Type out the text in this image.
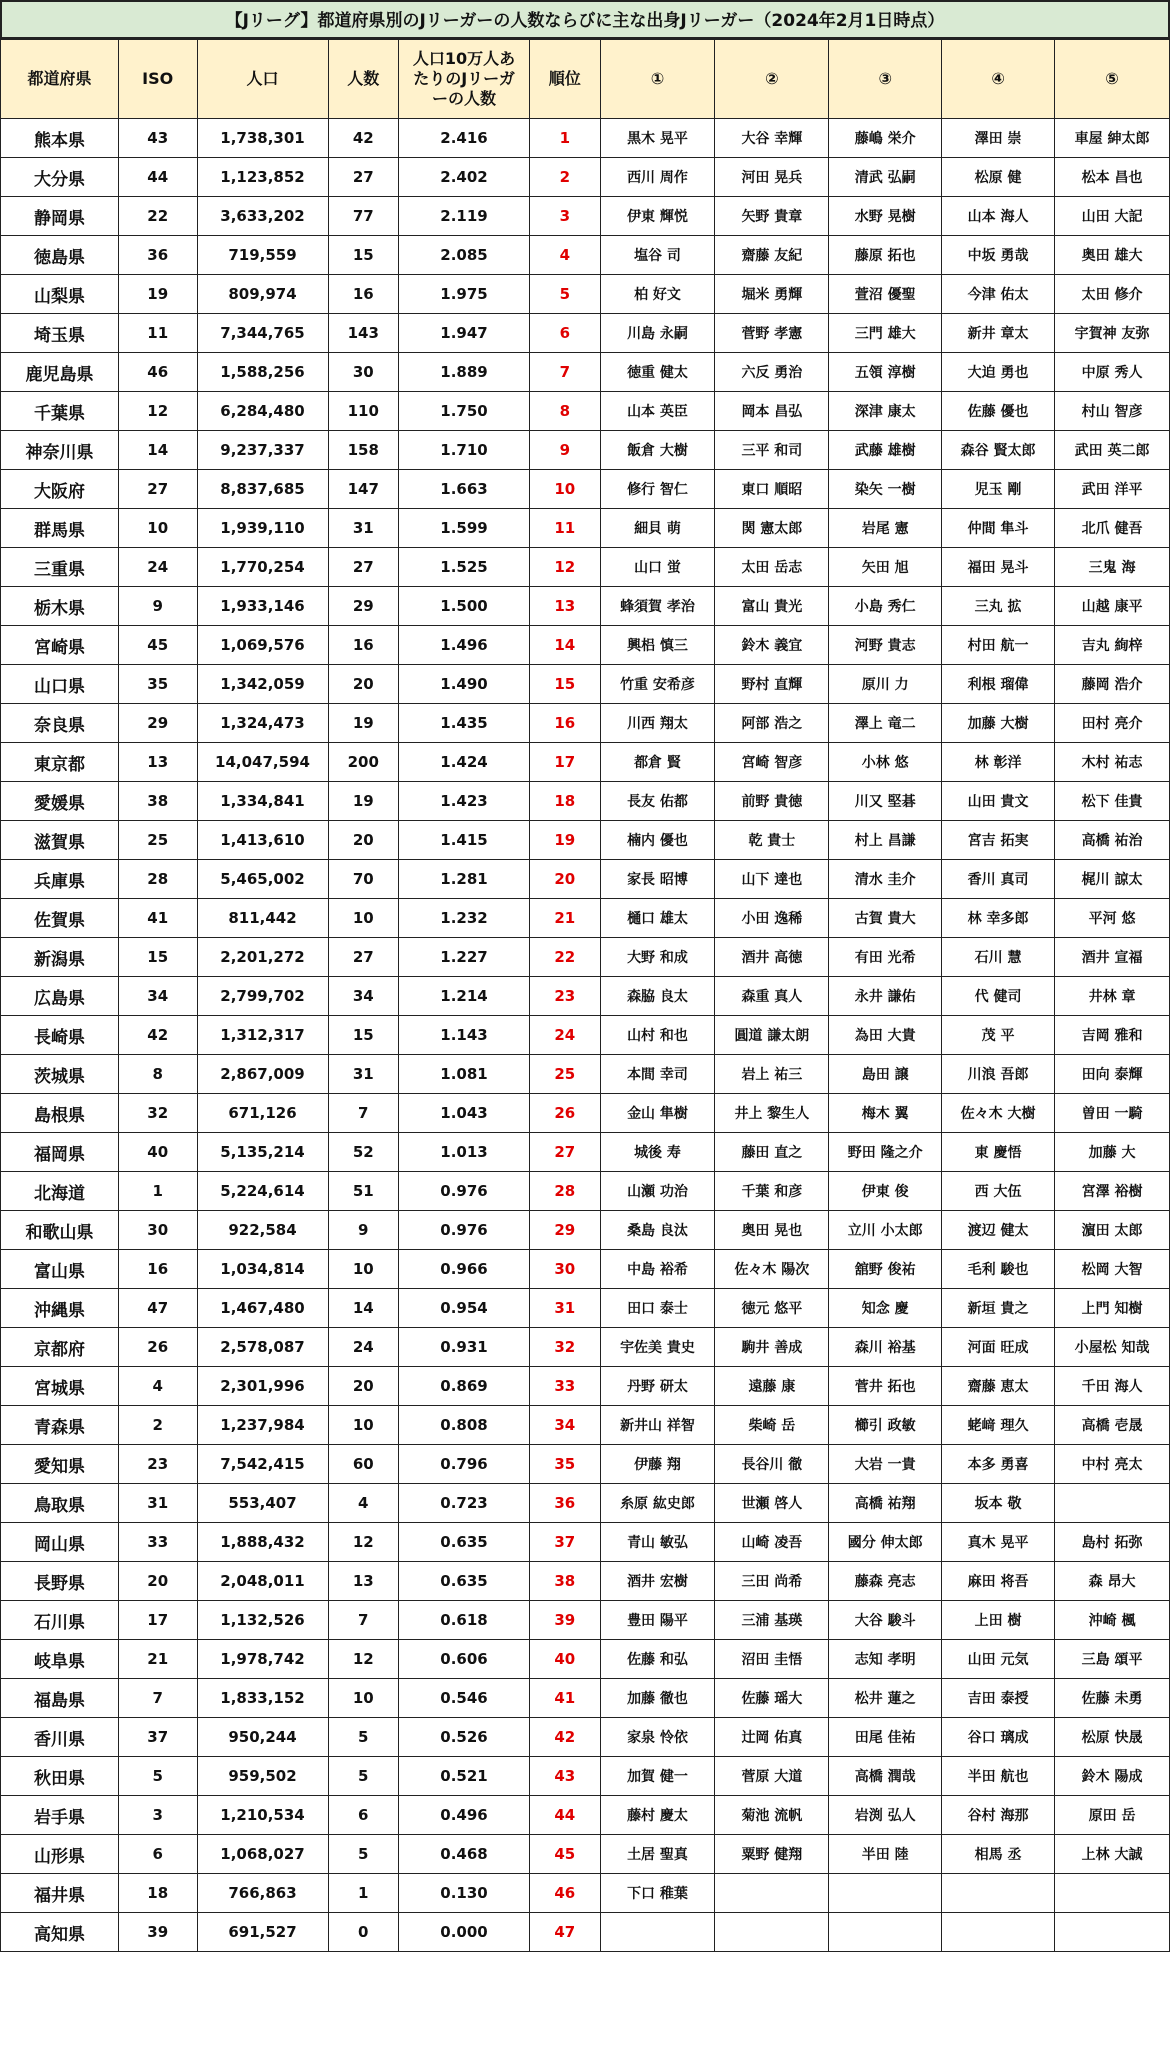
【Jリーグ】都道府県別のJリーガーの人数ならびに主な出身Jリーガー（2024年2月1日時点）
都道府県	ISO	人口	人数	人口10万人あたりのJリーガーの人数	順位	①	②	③	④	⑤
熊本県	43	1,738,301	42	2.416	1	黒木 晃平	大谷 幸輝	藤嶋 栄介	澤田 崇	車屋 紳太郎
大分県	44	1,123,852	27	2.402	2	西川 周作	河田 晃兵	清武 弘嗣	松原 健	松本 昌也
静岡県	22	3,633,202	77	2.119	3	伊東 輝悦	矢野 貴章	水野 晃樹	山本 海人	山田 大記
徳島県	36	719,559	15	2.085	4	塩谷 司	齋藤 友紀	藤原 拓也	中坂 勇哉	奥田 雄大
山梨県	19	809,974	16	1.975	5	柏 好文	堀米 勇輝	萱沼 優聖	今津 佑太	太田 修介
埼玉県	11	7,344,765	143	1.947	6	川島 永嗣	菅野 孝憲	三門 雄大	新井 章太	宇賀神 友弥
鹿児島県	46	1,588,256	30	1.889	7	徳重 健太	六反 勇治	五領 淳樹	大迫 勇也	中原 秀人
千葉県	12	6,284,480	110	1.750	8	山本 英臣	岡本 昌弘	深津 康太	佐藤 優也	村山 智彦
神奈川県	14	9,237,337	158	1.710	9	飯倉 大樹	三平 和司	武藤 雄樹	森谷 賢太郎	武田 英二郎
大阪府	27	8,837,685	147	1.663	10	修行 智仁	東口 順昭	染矢 一樹	児玉 剛	武田 洋平
群馬県	10	1,939,110	31	1.599	11	細貝 萌	関 憲太郎	岩尾 憲	仲間 隼斗	北爪 健吾
三重県	24	1,770,254	27	1.525	12	山口 蛍	太田 岳志	矢田 旭	福田 晃斗	三鬼 海
栃木県	9	1,933,146	29	1.500	13	蜂須賀 孝治	富山 貴光	小島 秀仁	三丸 拡	山越 康平
宮崎県	45	1,069,576	16	1.496	14	興梠 慎三	鈴木 義宜	河野 貴志	村田 航一	吉丸 絢梓
山口県	35	1,342,059	20	1.490	15	竹重 安希彦	野村 直輝	原川 力	利根 瑠偉	藤岡 浩介
奈良県	29	1,324,473	19	1.435	16	川西 翔太	阿部 浩之	澤上 竜二	加藤 大樹	田村 亮介
東京都	13	14,047,594	200	1.424	17	都倉 賢	宮崎 智彦	小林 悠	林 彰洋	木村 祐志
愛媛県	38	1,334,841	19	1.423	18	長友 佑都	前野 貴徳	川又 堅碁	山田 貴文	松下 佳貴
滋賀県	25	1,413,610	20	1.415	19	楠内 優也	乾 貴士	村上 昌謙	宮吉 拓実	高橋 祐治
兵庫県	28	5,465,002	70	1.281	20	家長 昭博	山下 達也	清水 圭介	香川 真司	梶川 諒太
佐賀県	41	811,442	10	1.232	21	樋口 雄太	小田 逸稀	古賀 貴大	林 幸多郎	平河 悠
新潟県	15	2,201,272	27	1.227	22	大野 和成	酒井 高徳	有田 光希	石川 慧	酒井 宣福
広島県	34	2,799,702	34	1.214	23	森脇 良太	森重 真人	永井 謙佑	代 健司	井林 章
長崎県	42	1,312,317	15	1.143	24	山村 和也	圓道 謙太朗	為田 大貴	茂 平	吉岡 雅和
茨城県	8	2,867,009	31	1.081	25	本間 幸司	岩上 祐三	島田 譲	川浪 吾郎	田向 泰輝
島根県	32	671,126	7	1.043	26	金山 隼樹	井上 黎生人	梅木 翼	佐々木 大樹	曽田 一騎
福岡県	40	5,135,214	52	1.013	27	城後 寿	藤田 直之	野田 隆之介	東 慶悟	加藤 大
北海道	1	5,224,614	51	0.976	28	山瀬 功治	千葉 和彦	伊東 俊	西 大伍	宮澤 裕樹
和歌山県	30	922,584	9	0.976	29	桑島 良汰	奥田 晃也	立川 小太郎	渡辺 健太	濵田 太郎
富山県	16	1,034,814	10	0.966	30	中島 裕希	佐々木 陽次	舘野 俊祐	毛利 駿也	松岡 大智
沖縄県	47	1,467,480	14	0.954	31	田口 泰士	徳元 悠平	知念 慶	新垣 貴之	上門 知樹
京都府	26	2,578,087	24	0.931	32	宇佐美 貴史	駒井 善成	森川 裕基	河面 旺成	小屋松 知哉
宮城県	4	2,301,996	20	0.869	33	丹野 研太	遠藤 康	菅井 拓也	齋藤 恵太	千田 海人
青森県	2	1,237,984	10	0.808	34	新井山 祥智	柴崎 岳	櫛引 政敏	蛯﨑 理久	高橋 壱晟
愛知県	23	7,542,415	60	0.796	35	伊藤 翔	長谷川 徹	大岩 一貴	本多 勇喜	中村 亮太
鳥取県	31	553,407	4	0.723	36	糸原 紘史郎	世瀬 啓人	高橋 祐翔	坂本 敬	
岡山県	33	1,888,432	12	0.635	37	青山 敏弘	山崎 凌吾	國分 伸太郎	真木 晃平	島村 拓弥
長野県	20	2,048,011	13	0.635	38	酒井 宏樹	三田 尚希	藤森 亮志	麻田 将吾	森 昂大
石川県	17	1,132,526	7	0.618	39	豊田 陽平	三浦 基瑛	大谷 駿斗	上田 樹	沖崎 楓
岐阜県	21	1,978,742	12	0.606	40	佐藤 和弘	沼田 圭悟	志知 孝明	山田 元気	三島 頌平
福島県	7	1,833,152	10	0.546	41	加藤 徹也	佐藤 瑶大	松井 蓮之	吉田 泰授	佐藤 未勇
香川県	37	950,244	5	0.526	42	家泉 怜依	辻岡 佑真	田尾 佳祐	谷口 璃成	松原 快晟
秋田県	5	959,502	5	0.521	43	加賀 健一	菅原 大道	高橋 潤哉	半田 航也	鈴木 陽成
岩手県	3	1,210,534	6	0.496	44	藤村 慶太	菊池 流帆	岩渕 弘人	谷村 海那	原田 岳
山形県	6	1,068,027	5	0.468	45	土居 聖真	粟野 健翔	半田 陸	相馬 丞	上林 大誠
福井県	18	766,863	1	0.130	46	下口 稚葉				
高知県	39	691,527	0	0.000	47					
